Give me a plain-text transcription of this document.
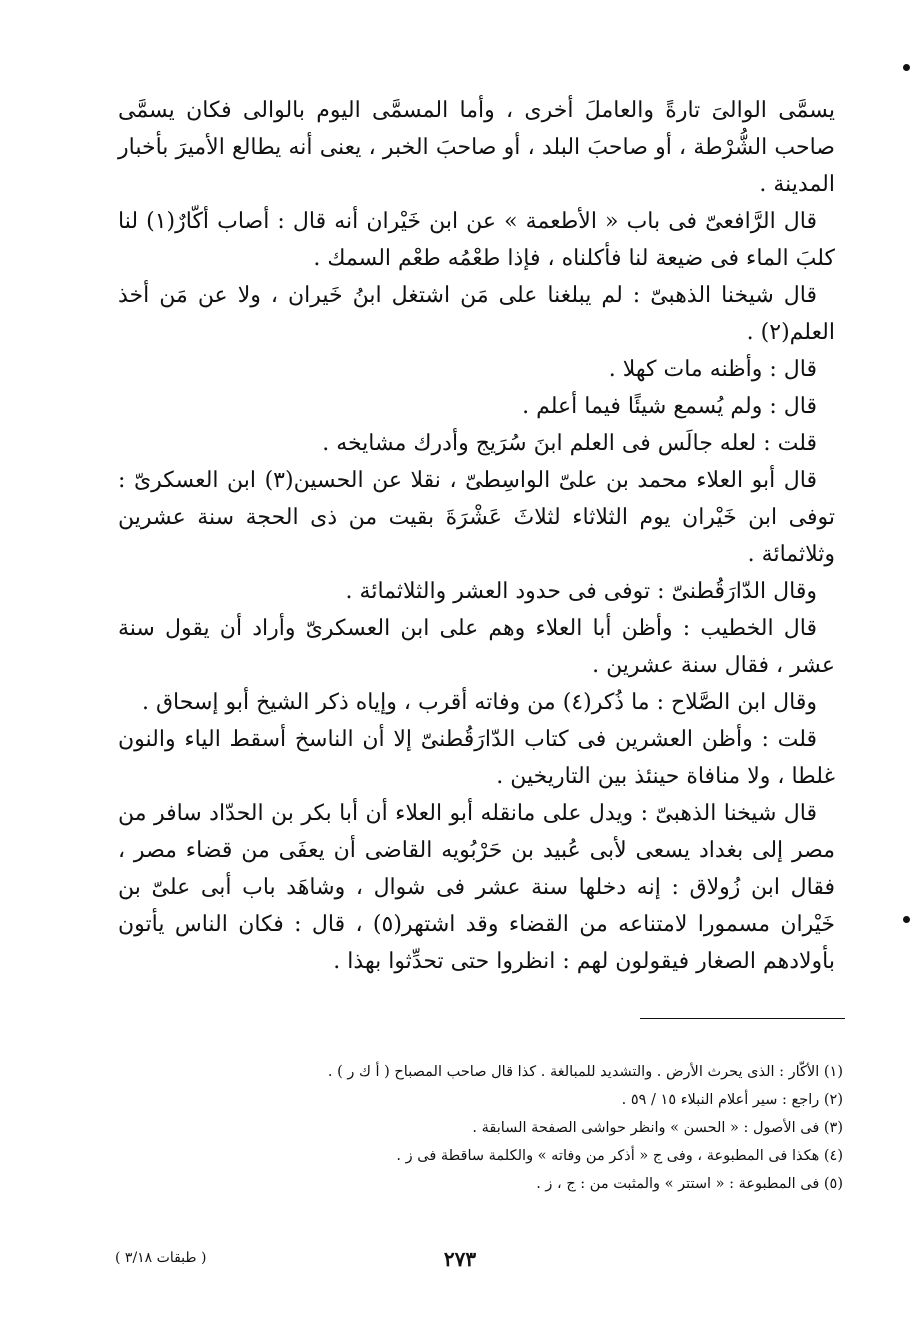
يسمَّى الوالىَ تارةً والعاملَ أخرى ، وأما المسمَّى اليوم بالوالى فكان يسمَّى صاحب الشُّرْطة ، أو صاحبَ البلد ، أو صاحبَ الخبر ، يعنى أنه يطالع الأميرَ بأخبار المدينة .

قال الرَّافعىّ فى باب « الأطعمة » عن ابن خَيْران أنه قال : أصاب أكّارٌ(١) لنا كلبَ الماء فى ضيعة لنا فأكلناه ، فإذا طعْمُه طعْم السمك .

قال شيخنا الذهبىّ : لم يبلغنا على مَن اشتغل ابنُ خَيران ، ولا عن مَن أخذ العلم(٢) .

قال : وأظنه مات كهلا .

قال : ولم يُسمع شيئًا فيما أعلم .

قلت : لعله جالَس فى العلم ابنَ سُرَيج وأدرك مشايخه .

قال أبو العلاء محمد بن علىّ الواسِطىّ ، نقلا عن الحسين(٣) ابن العسكرىّ : توفى ابن خَيْران يوم الثلاثاء لثلاثَ عَشْرَةَ بقيت من ذى الحجة سنة عشرين وثلاثمائة .

وقال الدّارَقُطنىّ : توفى فى حدود العشر والثلاثمائة .

قال الخطيب : وأظن أبا العلاء وهم على ابن العسكرىّ وأراد أن يقول سنة عشر ، فقال سنة عشرين .

وقال ابن الصَّلاح : ما ذُكر(٤) من وفاته أقرب ، وإياه ذكر الشيخ أبو إسحاق .

قلت : وأظن العشرين فى كتاب الدّارَقُطنىّ إلا أن الناسخ أسقط الياء والنون غلطا ، ولا منافاة حينئذ بين التاريخين .

قال شيخنا الذهبىّ : ويدل على مانقله أبو العلاء أن أبا بكر بن الحدّاد سافر من مصر إلى بغداد يسعى لأبى عُبيد بن حَرْبُويه القاضى أن يعفَى من قضاء مصر ، فقال ابن زُولاق : إنه دخلها سنة عشر فى شوال ، وشاهَد باب أبى علىّ بن خَيْران مسمورا لامتناعه من القضاء وقد اشتهر(٥) ، قال : فكان الناس يأتون بأولادهم الصغار فيقولون لهم : انظروا حتى تحدِّثوا بهذا .

(١) الأكّار : الذى يحرث الأرض . والتشديد للمبالغة . كذا قال صاحب المصباح ( أ ك ر ) .

(٢) راجع : سير أعلام النبلاء ١٥ / ٥٩ .

(٣) فى الأصول : « الحسن » وانظر حواشى الصفحة السابقة .

(٤) هكذا فى المطبوعة ، وفى ج « أذكر من وفاته » والكلمة ساقطة فى ز .

(٥) فى المطبوعة : « استتر » والمثبت من : ج ، ز .

٢٧٣
( طبقات ٣/١٨ )
